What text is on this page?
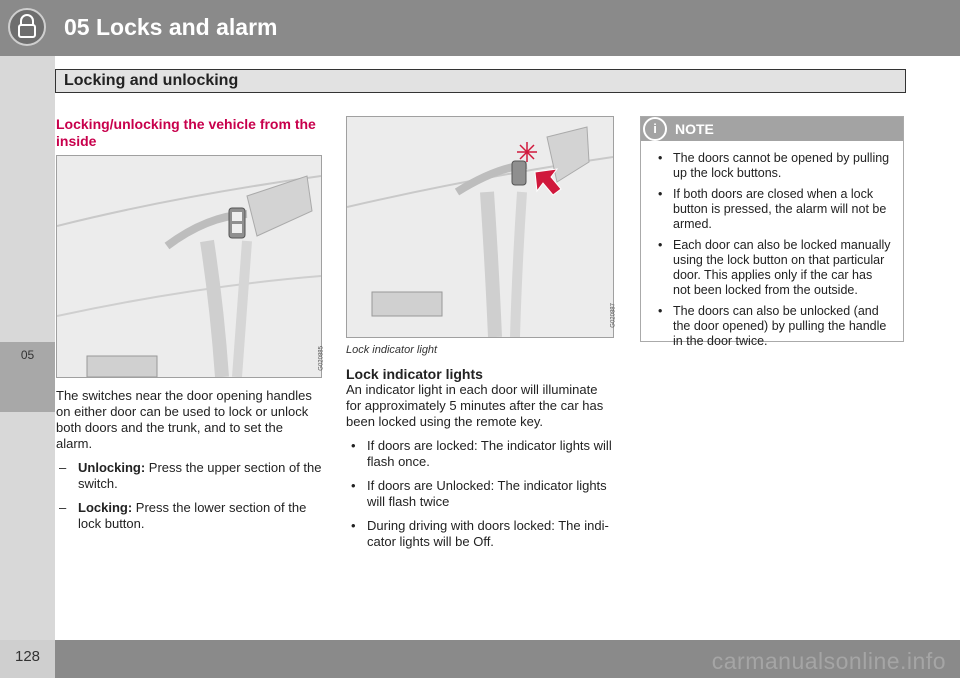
05
05 Locks and alarm
Locking and unlocking

Locking/unlocking the vehicle from the inside

G020885

The switches near the door opening handles on either door can be used to lock or unlock both doors and the trunk, and to set the alarm.

– Unlocking: Press the upper section of the switch.
– Locking: Press the lower section of the lock button.
G020887

Lock indicator light

Lock indicator lights

An indicator light in each door will illuminate for approximately 5 minutes after the car has been locked using the remote key.

• If doors are locked: The indicator lights will flash once.
• If doors are Unlocked: The indicator lights will flash twice
• During driving with doors locked: The indi-cator lights will be Off.
i	NOTE
• The doors cannot be opened by pulling up the lock buttons.
• If both doors are closed when a lock button is pressed, the alarm will not be armed.
• Each door can also be locked manually using the lock button on that particular door. This applies only if the car has not been locked from the outside.
• The doors can also be unlocked (and the door opened) by pulling the handle in the door twice.
128	carmanualsonline.info
